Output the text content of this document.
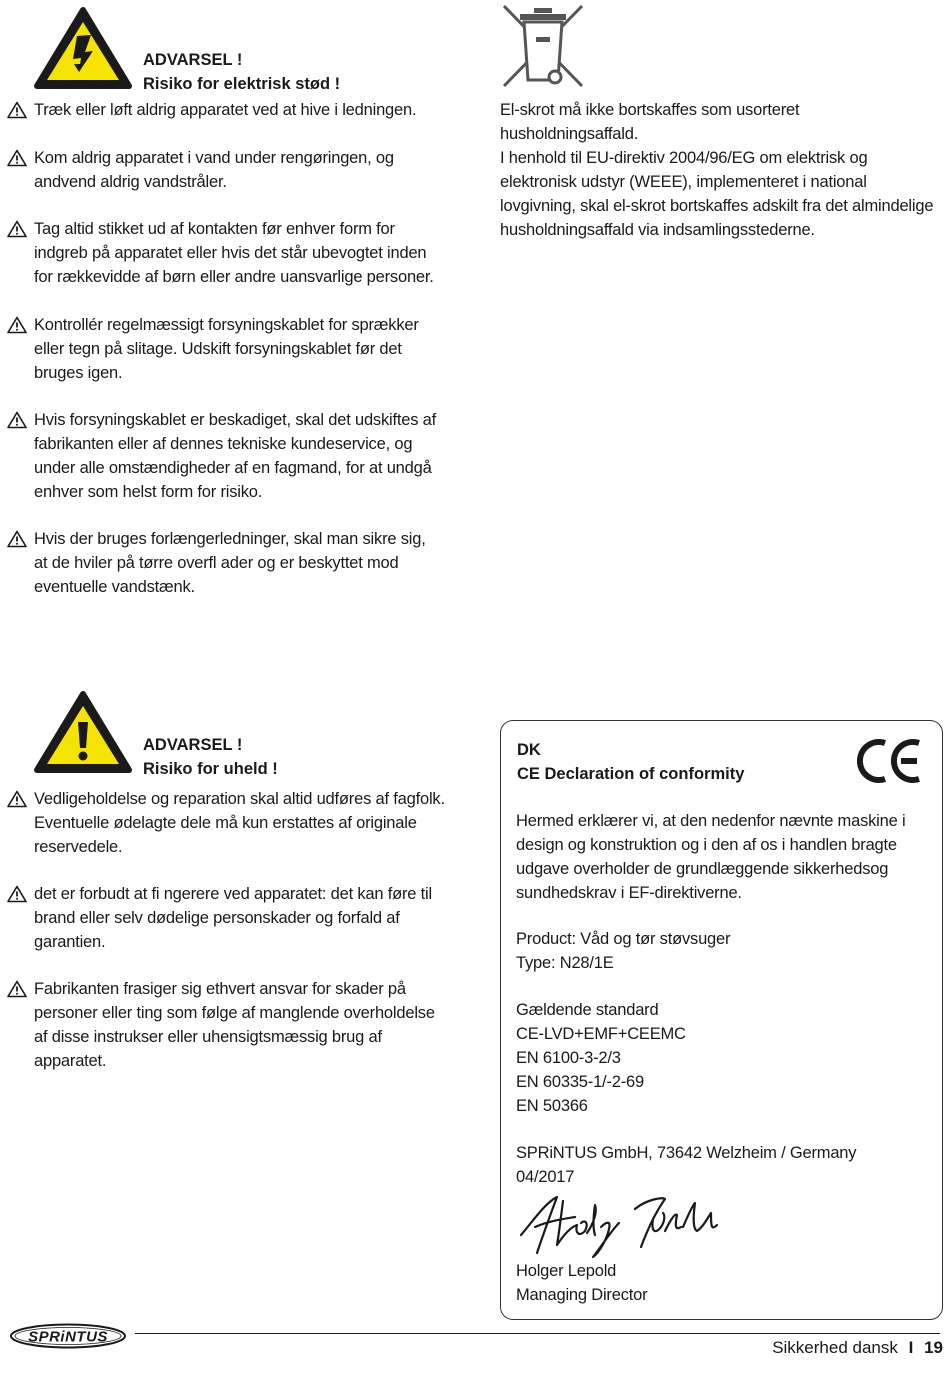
ADVARSEL !
Risiko for elektrisk stød !
Træk eller løft aldrig apparatet ved at hive i ledningen.
Kom aldrig apparatet i vand under rengøringen, og andvend aldrig vandstråler.
Tag altid stikket ud af kontakten før enhver form for indgreb på apparatet eller hvis det står ubevogtet inden for rækkevidde af børn eller andre uansvarlige personer.
Kontrollér regelmæssigt forsyningskablet for sprækker eller tegn på slitage. Udskift forsyningskablet før det bruges igen.
Hvis forsyningskablet er beskadiget, skal det udskiftes af fabrikanten eller af dennes tekniske kundeservice, og under alle omstændigheder af en fagmand, for at undgå enhver som helst form for risiko.
Hvis der bruges forlængerledninger, skal man sikre sig, at de hviler på tørre overfl ader og er beskyttet mod eventuelle vandstænk.
El-skrot må ikke bortskaffes som usorteret husholdningsaffald.
I henhold til EU-direktiv 2004/96/EG om elektrisk og elektronisk udstyr (WEEE), implementeret i national lovgivning, skal el-skrot bortskaffes adskilt fra det almindelige husholdningsaffald via indsamlingsstederne.
ADVARSEL !
Risiko for uheld !
Vedligeholdelse og reparation skal altid udføres af fagfolk. Eventuelle ødelagte dele må kun erstattes af originale reservedele.
det er forbudt at fi ngerere ved apparatet: det kan føre til brand eller selv dødelige personskader og forfald af garantien.
Fabrikanten frasiger sig ethvert ansvar for skader på personer eller ting som følge af manglende overholdelse af disse instrukser eller uhensigtsmæssig brug af apparatet.
DK
CE Declaration of conformity
Hermed erklærer vi, at den nedenfor nævnte maskine i design og konstruktion og i den af os i handlen bragte udgave overholder de grundlæggende sikkerhedsog sundhedskrav i EF-direktiverne.
Product: Våd og tør støvsuger
Type: N28/1E
Gældende standard
CE-LVD+EMF+CEEMC
EN 6100-3-2/3
EN 60335-1/-2-69
EN 50366
SPRiNTUS GmbH, 73642 Welzheim / Germany
04/2017
Holger Lepold
Managing Director
SPRiNTUS
Sikkerhed dansk I 19
